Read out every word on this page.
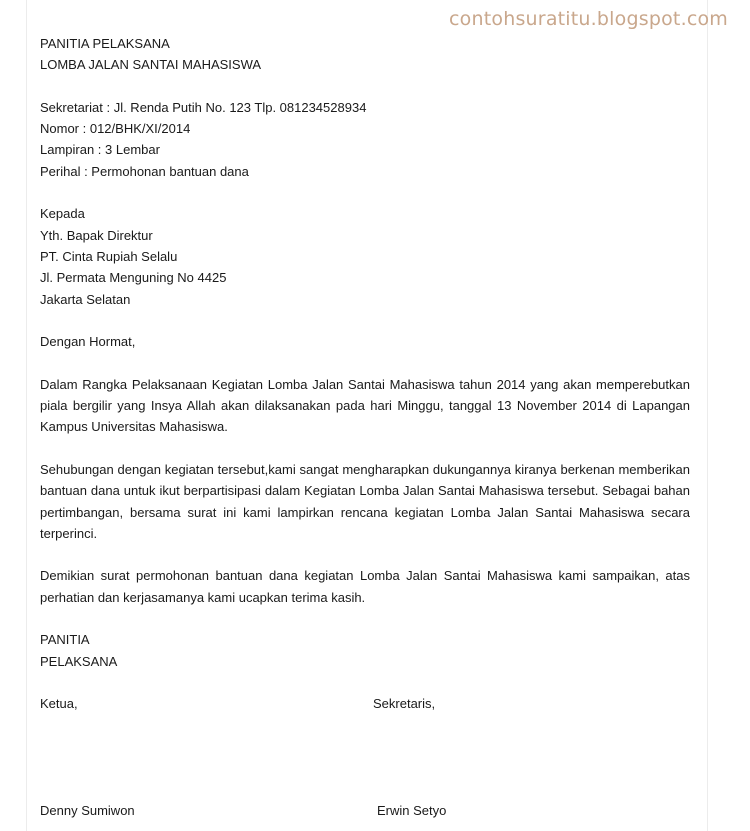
contohsuratitu.blogspot.com
PANITIA PELAKSANA
LOMBA JALAN SANTAI MAHASISWA
Sekretariat : Jl. Renda Putih No. 123 Tlp. 081234528934
Nomor : 012/BHK/XI/2014
Lampiran : 3 Lembar
Perihal : Permohonan bantuan dana
Kepada
Yth. Bapak Direktur
PT. Cinta Rupiah Selalu
Jl. Permata Menguning No 4425
Jakarta Selatan
Dengan Hormat,
Dalam Rangka Pelaksanaan Kegiatan Lomba Jalan Santai Mahasiswa tahun 2014 yang akan memperebutkan piala bergilir yang Insya Allah akan dilaksanakan pada hari Minggu, tanggal 13 November 2014 di Lapangan Kampus Universitas Mahasiswa.
Sehubungan dengan kegiatan tersebut,kami sangat mengharapkan dukungannya kiranya berkenan memberikan bantuan dana untuk ikut berpartisipasi dalam Kegiatan Lomba Jalan Santai Mahasiswa tersebut. Sebagai bahan pertimbangan, bersama surat ini kami lampirkan rencana kegiatan Lomba Jalan Santai Mahasiswa secara terperinci.
Demikian surat permohonan bantuan dana kegiatan Lomba Jalan Santai Mahasiswa kami sampaikan, atas perhatian dan kerjasamanya kami ucapkan terima kasih.
PANITIA
PELAKSANA
Ketua,	Sekretaris,
Denny Sumiwon	Erwin Setyo
